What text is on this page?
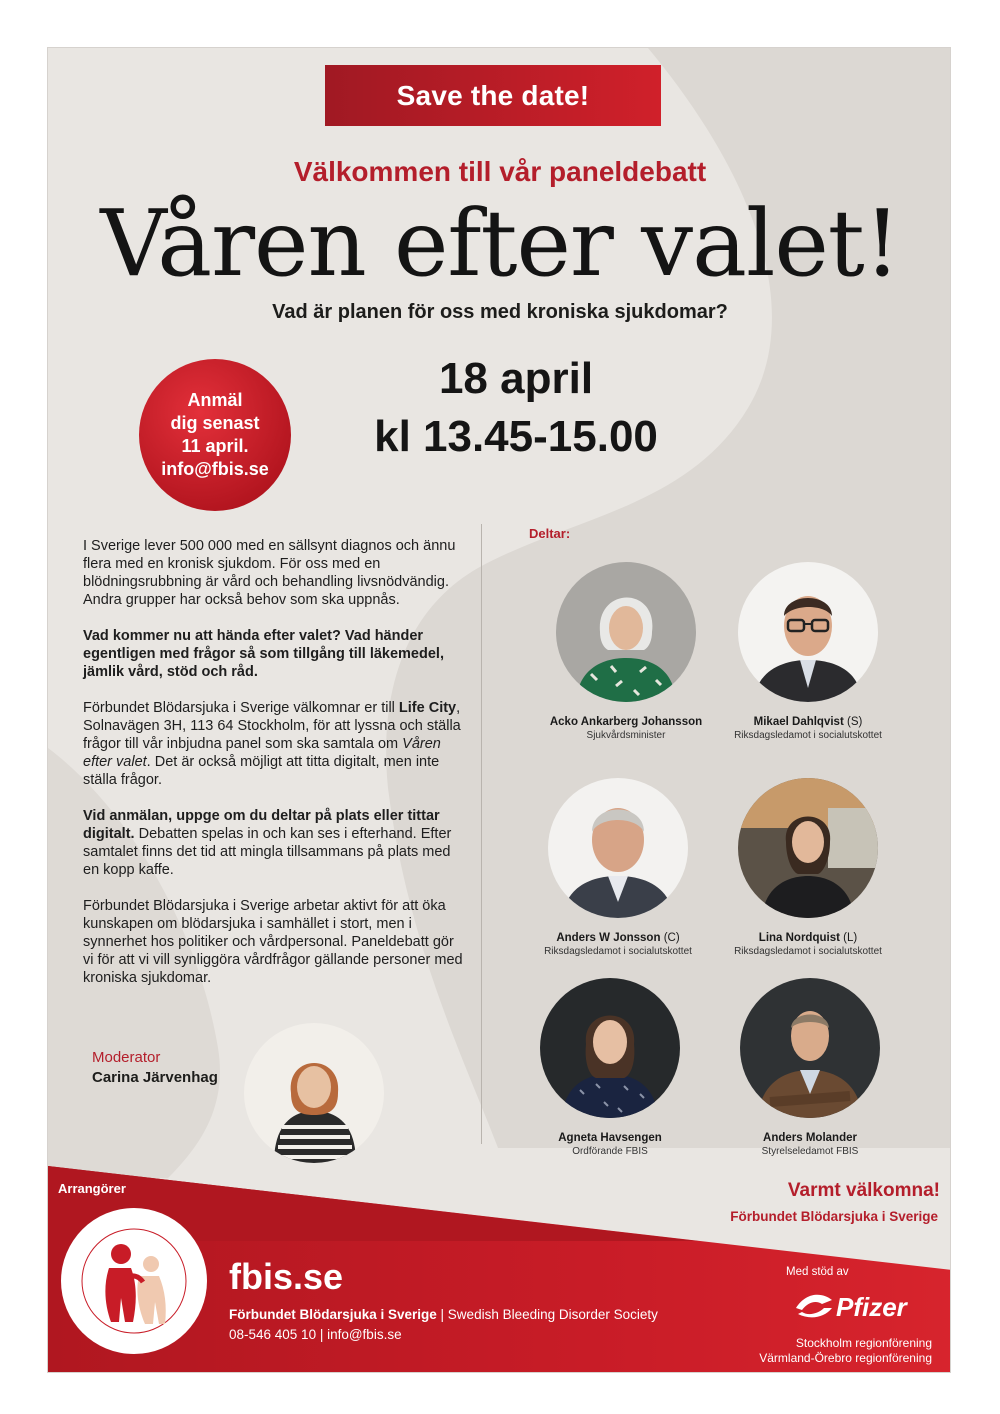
Save the date!
Välkommen till vår paneldebatt
Våren efter valet!
Vad är planen för oss med kroniska sjukdomar?
Anmäl
dig senast
11 april.
info@fbis.se
18 april
kl 13.45-15.00

I Sverige lever 500 000 med en sällsynt diagnos och ännu flera med en kronisk sjukdom. För oss med en blödningsrubbning är vård och behandling livsnödvändig. Andra grupper har också behov som ska uppnås.

Vad kommer nu att hända efter valet? Vad händer egentligen med frågor så som tillgång till läkemedel, jämlik vård, stöd och råd.

Förbundet Blödarsjuka i Sverige välkomnar er till Life City, Solnavägen 3H, 113 64 Stockholm, för att lyssna och ställa frågor till vår inbjudna panel som ska samtala om Våren efter valet. Det är också möjligt att titta digitalt, men inte ställa frågor.

Vid anmälan, uppge om du deltar på plats eller tittar digitalt. Debatten spelas in och kan ses i efterhand. Efter samtalet finns det tid att mingla tillsammans på plats med en kopp kaffe.

Förbundet Blödarsjuka i Sverige arbetar aktivt för att öka kunskapen om blödarsjuka i samhället i stort, men i synnerhet hos politiker och vårdpersonal. Paneldebatt gör vi för att vi vill synliggöra vårdfrågor gällande personer med kroniska sjukdomar.

Moderator
Carina Järvenhag
Deltar:
Acko Ankarberg Johansson
Sjukvårdsminister
Mikael Dahlqvist (S)
Riksdagsledamot i socialutskottet
Anders W Jonsson (C)
Riksdagsledamot i socialutskottet
Lina Nordquist (L)
Riksdagsledamot i socialutskottet
Agneta Havsengen
Ordförande FBIS
Anders Molander
Styrelseledamot FBIS
Arrangörer	Varmt välkomna!
Förbundet Blödarsjuka i Sverige
fbis.se
Förbundet Blödarsjuka i Sverige | Swedish Bleeding Disorder Society
08-546 405 10 | info@fbis.se
Med stöd av
Pfizer
Stockholm regionförening
Värmland-Örebro regionförening
